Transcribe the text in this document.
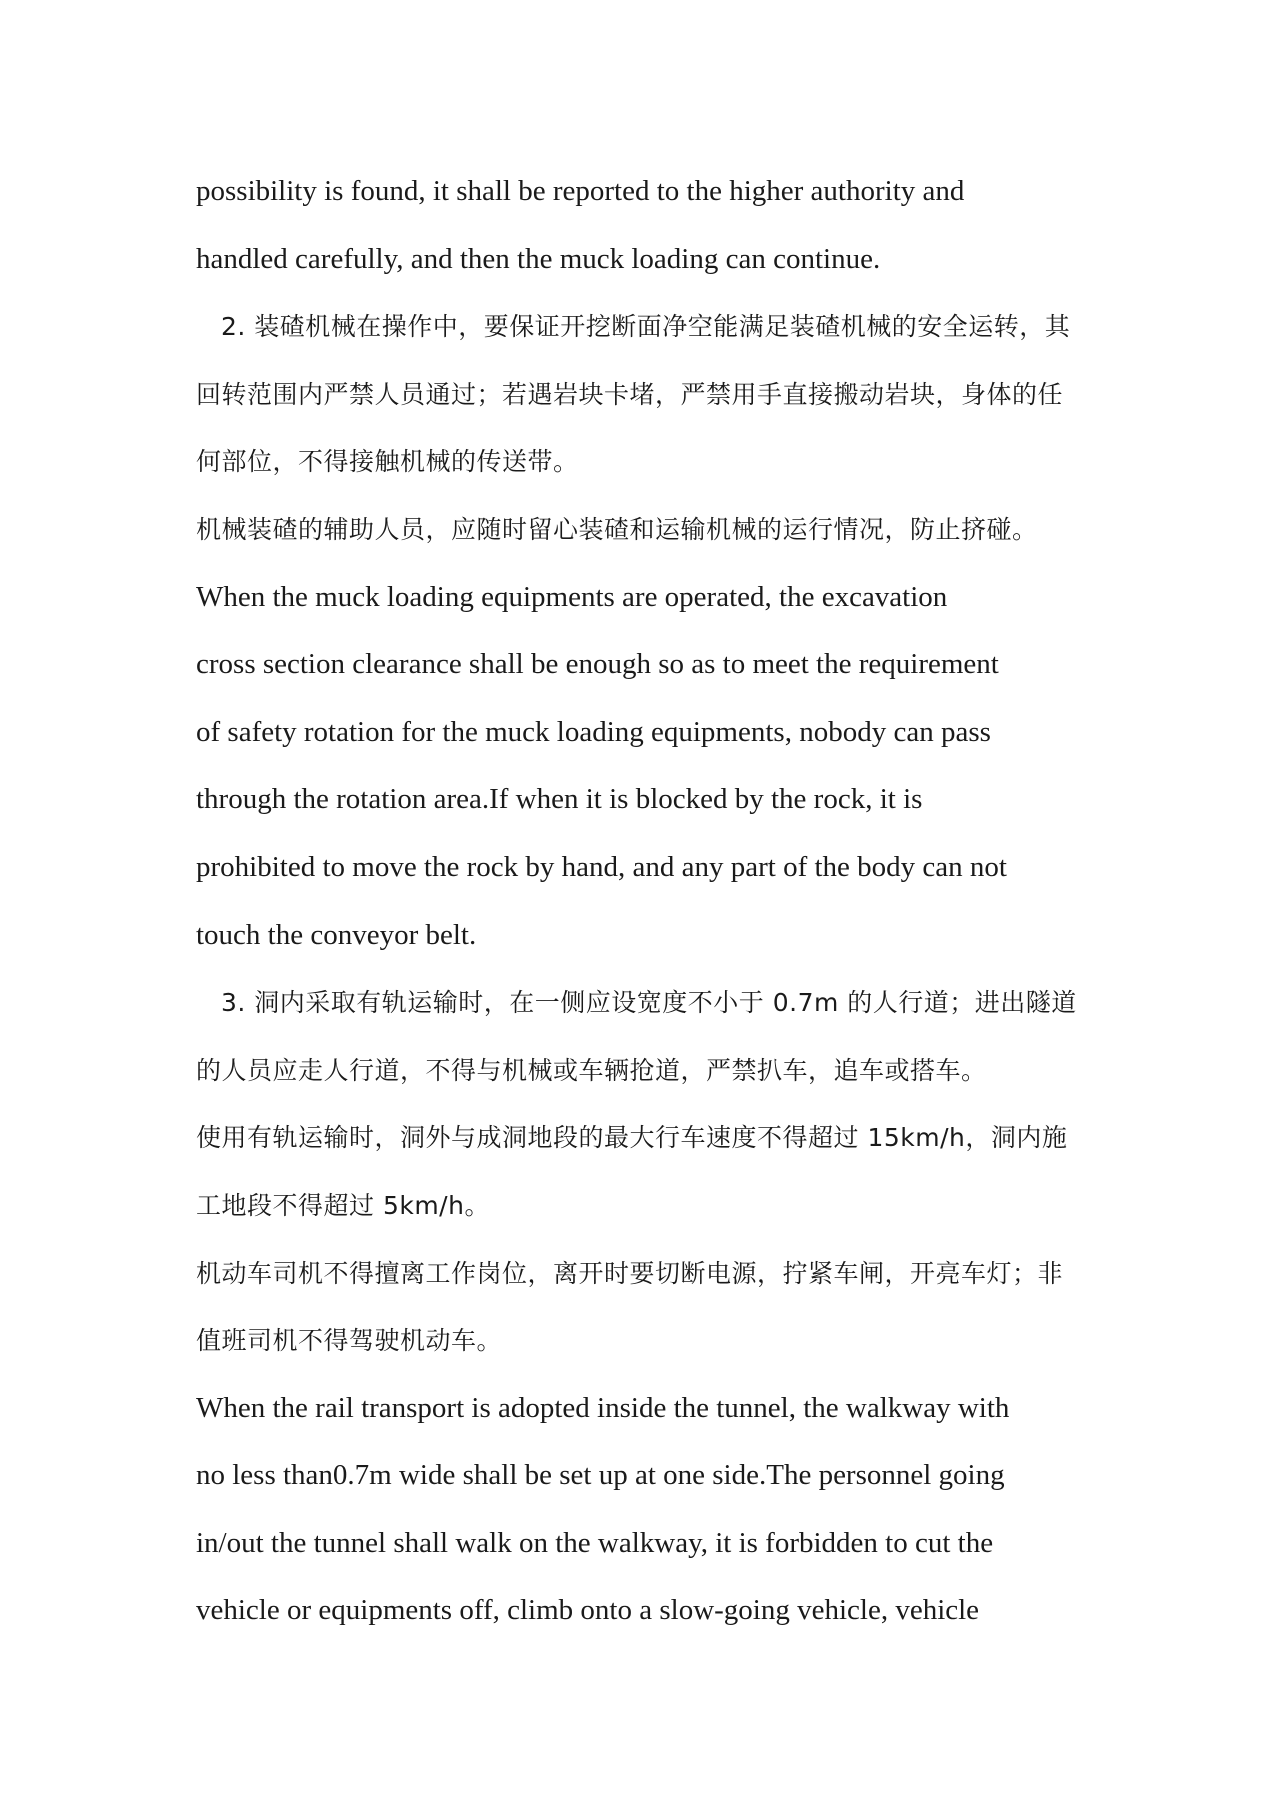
possibility is found, it shall be reported to the higher authority and
handled carefully, and then the muck loading can continue.
2. 装碴机械在操作中，要保证开挖断面净空能满足装碴机械的安全运转，其
回转范围内严禁人员通过；若遇岩块卡堵，严禁用手直接搬动岩块，身体的任
何部位，不得接触机械的传送带。
机械装碴的辅助人员，应随时留心装碴和运输机械的运行情况，防止挤碰。
When the muck loading equipments are operated, the excavation
cross section clearance shall be enough so as to meet the requirement
of safety rotation for the muck loading equipments, nobody can pass
through the rotation area.If when it is blocked by the rock, it is
prohibited to move the rock by hand, and any part of the body can not
touch the conveyor belt.
3. 洞内采取有轨运输时，在一侧应设宽度不小于 0.7m 的人行道；进出隧道
的人员应走人行道，不得与机械或车辆抢道，严禁扒车，追车或搭车。
使用有轨运输时，洞外与成洞地段的最大行车速度不得超过 15km/h，洞内施
工地段不得超过 5km/h。
机动车司机不得擅离工作岗位，离开时要切断电源，拧紧车闸，开亮车灯；非
值班司机不得驾驶机动车。
When the rail transport is adopted inside the tunnel, the walkway with
no less than0.7m wide shall be set up at one side.The personnel going
in/out the tunnel shall walk on the walkway, it is forbidden to cut the
vehicle or equipments off, climb onto a slow-going vehicle, vehicle
